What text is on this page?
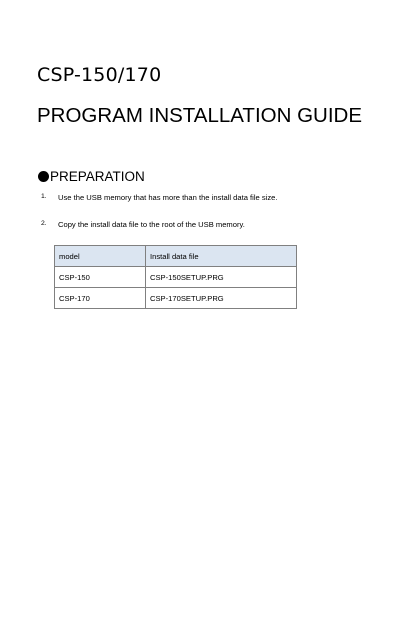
CSP-150/170
PROGRAM INSTALLATION GUIDE
PREPARATION
1.	Use the USB memory that has more than the install data file size.
2.	Copy the install data file to the root of the USB memory.
model	Install data file
CSP-150	CSP-150SETUP.PRG
CSP-170	CSP-170SETUP.PRG
